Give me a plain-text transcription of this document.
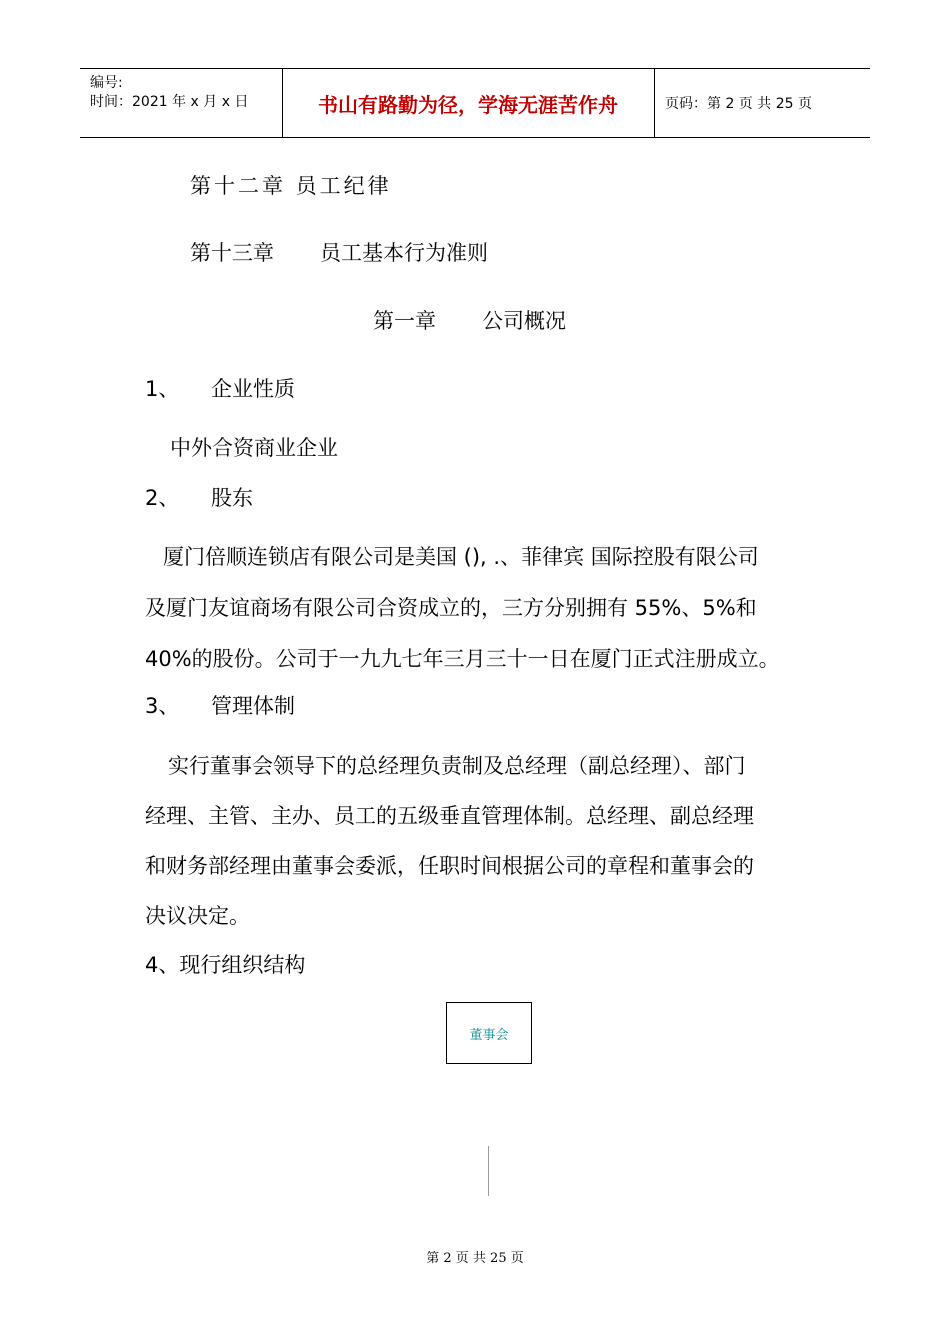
编号:
时间：2021 年 x 月 x 日	书山有路勤为径，学海无涯苦作舟	页码：第 2 页 共 25 页
第十二章 员工纪律
第十三章 员工基本行为准则
第一章 公司概况
1、 企业性质
中外合资商业企业
2、 股东
厦门倍顺连锁店有限公司是美国 (), .、菲律宾 国际控股有限公司
及厦门友谊商场有限公司合资成立的，三方分别拥有 55%、5%和
40%的股份。公司于一九九七年三月三十一日在厦门正式注册成立。
3、 管理体制
实行董事会领导下的总经理负责制及总经理（副总经理）、部门
经理、主管、主办、员工的五级垂直管理体制。总经理、副总经理
和财务部经理由董事会委派，任职时间根据公司的章程和董事会的
决议决定。
4、现行组织结构
董事会
第 2 页 共 25 页
